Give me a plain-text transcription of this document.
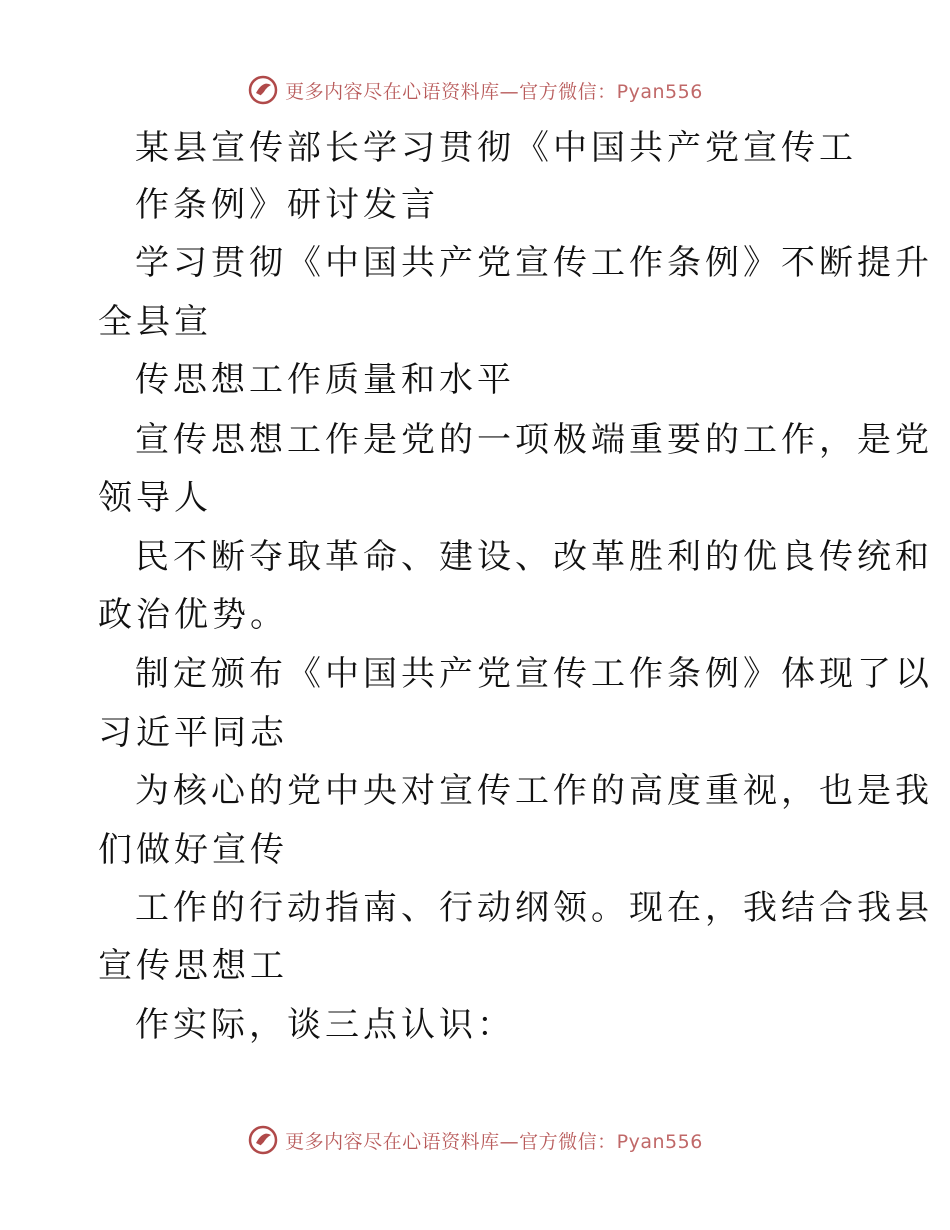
更多内容尽在心语资料库—官方微信：Pyan556
某县宣传部长学习贯彻《中国共产党宣传工
作条例》研讨发言
学习贯彻《中国共产党宣传工作条例》不断提升
全县宣
传思想工作质量和水平
宣传思想工作是党的一项极端重要的工作，是党
领导人
民不断夺取革命、建设、改革胜利的优良传统和
政治优势。
制定颁布《中国共产党宣传工作条例》体现了以
习近平同志
为核心的党中央对宣传工作的高度重视，也是我
们做好宣传
工作的行动指南、行动纲领。现在，我结合我县
宣传思想工
作实际，谈三点认识：
更多内容尽在心语资料库—官方微信：Pyan556
